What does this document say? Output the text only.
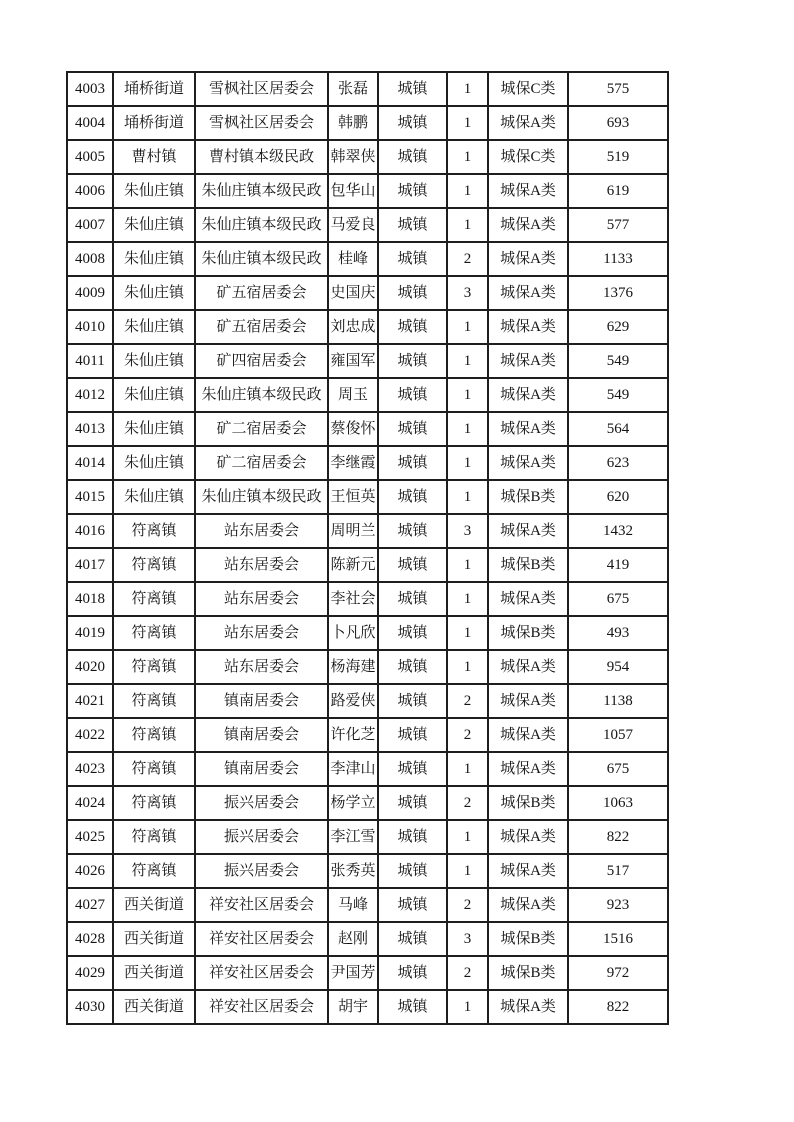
4003	埇桥街道	雪枫社区居委会	张磊	城镇	1	城保C类	575
4004	埇桥街道	雪枫社区居委会	韩鹏	城镇	1	城保A类	693
4005	曹村镇	曹村镇本级民政	韩翠侠	城镇	1	城保C类	519
4006	朱仙庄镇	朱仙庄镇本级民政	包华山	城镇	1	城保A类	619
4007	朱仙庄镇	朱仙庄镇本级民政	马爱良	城镇	1	城保A类	577
4008	朱仙庄镇	朱仙庄镇本级民政	桂峰	城镇	2	城保A类	1133
4009	朱仙庄镇	矿五宿居委会	史国庆	城镇	3	城保A类	1376
4010	朱仙庄镇	矿五宿居委会	刘忠成	城镇	1	城保A类	629
4011	朱仙庄镇	矿四宿居委会	雍国军	城镇	1	城保A类	549
4012	朱仙庄镇	朱仙庄镇本级民政	周玉	城镇	1	城保A类	549
4013	朱仙庄镇	矿二宿居委会	蔡俊怀	城镇	1	城保A类	564
4014	朱仙庄镇	矿二宿居委会	李继霞	城镇	1	城保A类	623
4015	朱仙庄镇	朱仙庄镇本级民政	王恒英	城镇	1	城保B类	620
4016	符离镇	站东居委会	周明兰	城镇	3	城保A类	1432
4017	符离镇	站东居委会	陈新元	城镇	1	城保B类	419
4018	符离镇	站东居委会	李社会	城镇	1	城保A类	675
4019	符离镇	站东居委会	卜凡欣	城镇	1	城保B类	493
4020	符离镇	站东居委会	杨海建	城镇	1	城保A类	954
4021	符离镇	镇南居委会	路爱侠	城镇	2	城保A类	1138
4022	符离镇	镇南居委会	许化芝	城镇	2	城保A类	1057
4023	符离镇	镇南居委会	李津山	城镇	1	城保A类	675
4024	符离镇	振兴居委会	杨学立	城镇	2	城保B类	1063
4025	符离镇	振兴居委会	李江雪	城镇	1	城保A类	822
4026	符离镇	振兴居委会	张秀英	城镇	1	城保A类	517
4027	西关街道	祥安社区居委会	马峰	城镇	2	城保A类	923
4028	西关街道	祥安社区居委会	赵刚	城镇	3	城保B类	1516
4029	西关街道	祥安社区居委会	尹国芳	城镇	2	城保B类	972
4030	西关街道	祥安社区居委会	胡宇	城镇	1	城保A类	822
